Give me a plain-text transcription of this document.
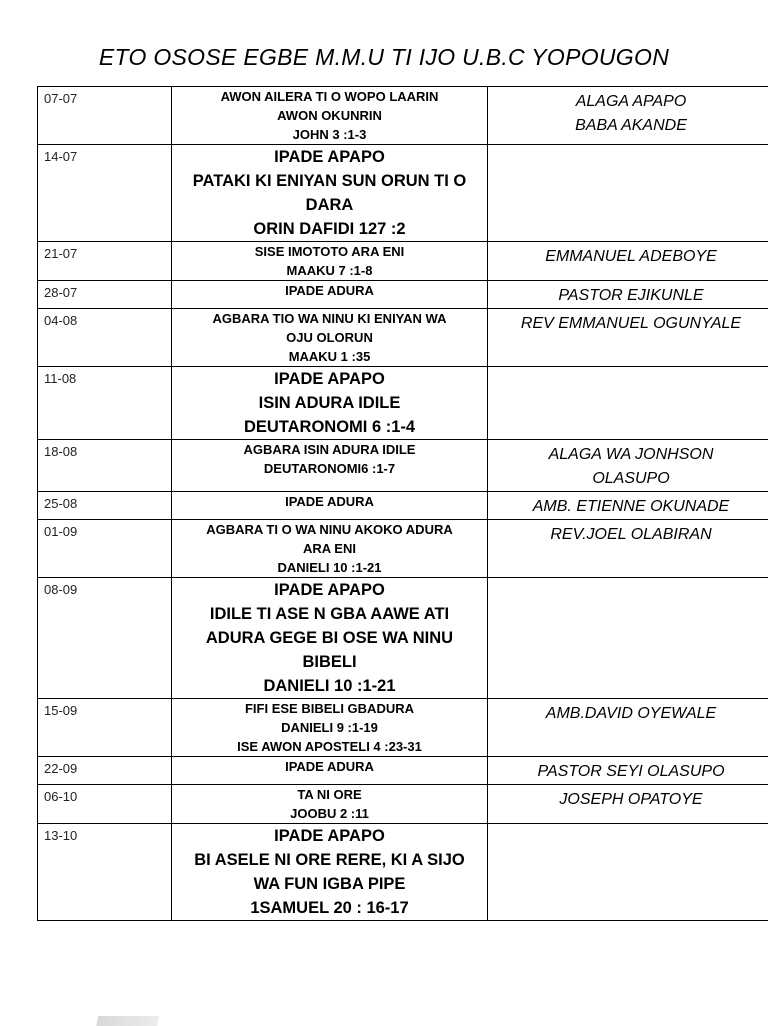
ETO OSOSE EGBE M.M.U TI IJO U.B.C YOPOUGON
07-07	AWON AILERA TI O WOPO LAARIN
AWON OKUNRIN
JOHN 3 :1-3	ALAGA APAPO
BABA AKANDE

14-07	IPADE APAPO
PATAKI KI ENIYAN SUN ORUN TI O
DARA
ORIN DAFIDI 127 :2	

21-07	SISE IMOTOTO ARA ENI
MAAKU 7 :1-8	EMMANUEL ADEBOYE

28-07	IPADE ADURA	PASTOR EJIKUNLE

04-08	AGBARA TIO WA NINU KI ENIYAN WA
OJU OLORUN
MAAKU 1 :35	REV EMMANUEL OGUNYALE

11-08	IPADE APAPO
ISIN ADURA IDILE
DEUTARONOMI 6 :1-4	

18-08	AGBARA ISIN ADURA IDILE
DEUTARONOMI6 :1-7	ALAGA WA JONHSON
OLASUPO

25-08	IPADE ADURA	AMB. ETIENNE OKUNADE

01-09	AGBARA TI O WA NINU AKOKO ADURA
ARA ENI
DANIELI 10 :1-21	REV.JOEL OLABIRAN

08-09	IPADE APAPO
IDILE TI ASE N GBA AAWE ATI
ADURA GEGE BI OSE WA NINU
BIBELI
DANIELI 10 :1-21	

15-09	FIFI ESE BIBELI GBADURA
DANIELI 9 :1-19
ISE AWON APOSTELI 4 :23-31	AMB.DAVID OYEWALE

22-09	IPADE ADURA	PASTOR SEYI OLASUPO

06-10	TA NI ORE
JOOBU 2 :11	JOSEPH OPATOYE

13-10	IPADE APAPO
BI ASELE NI ORE RERE, KI A SIJO
WA FUN IGBA PIPE
1SAMUEL 20 : 16-17	
